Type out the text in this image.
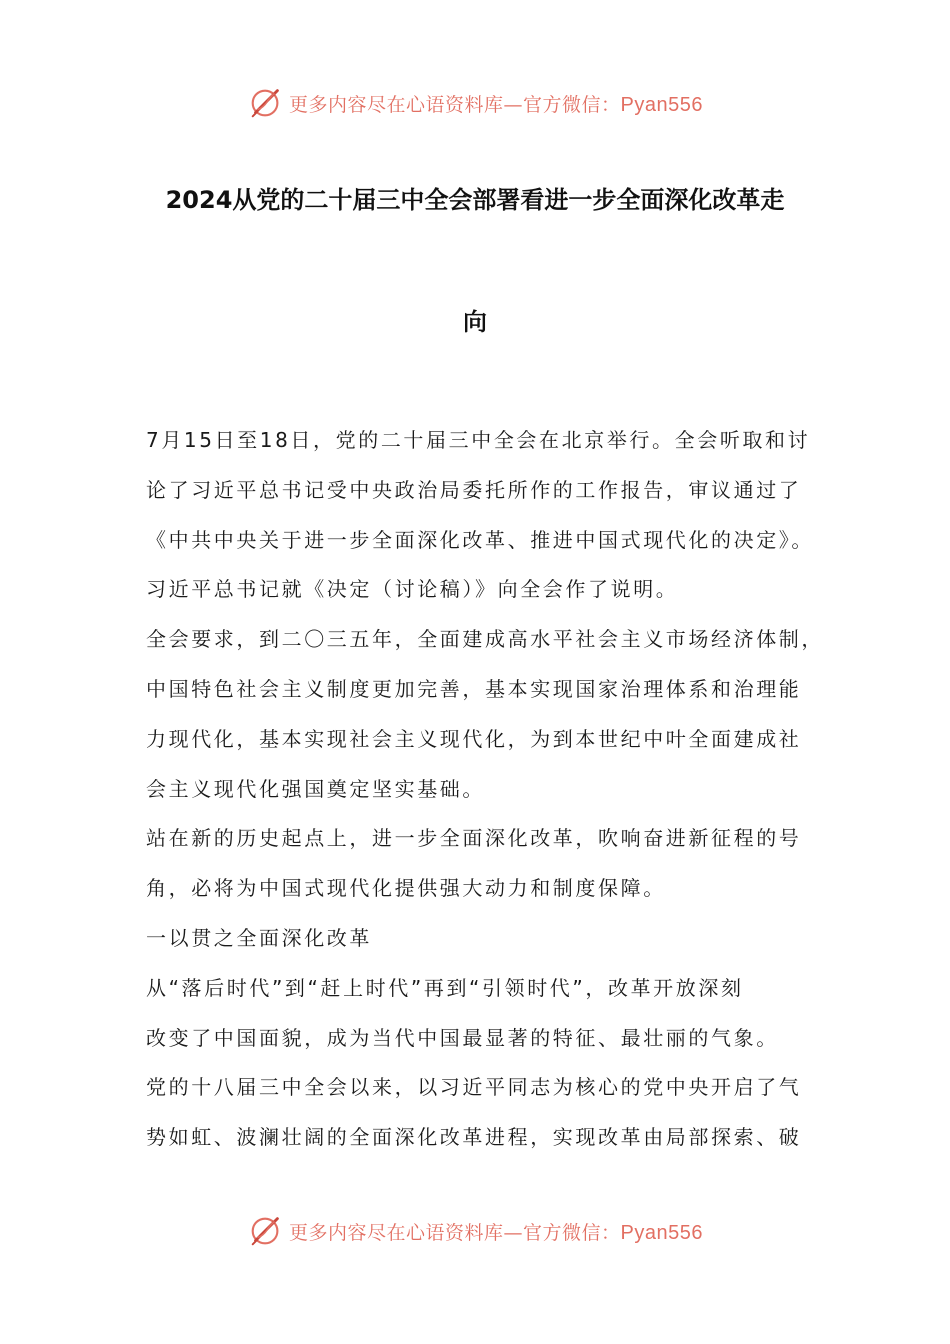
更多内容尽在心语资料库—官方微信：Pyan556
2024从党的二十届三中全会部署看进一步全面深化改革走
向

7月15日至18日，党的二十届三中全会在北京举行。全会听取和讨

论了习近平总书记受中央政治局委托所作的工作报告，审议通过了

《中共中央关于进一步全面深化改革、推进中国式现代化的决定》。

习近平总书记就《决定（讨论稿）》向全会作了说明。

全会要求，到二〇三五年，全面建成高水平社会主义市场经济体制，

中国特色社会主义制度更加完善，基本实现国家治理体系和治理能

力现代化，基本实现社会主义现代化，为到本世纪中叶全面建成社

会主义现代化强国奠定坚实基础。

站在新的历史起点上，进一步全面深化改革，吹响奋进新征程的号

角，必将为中国式现代化提供强大动力和制度保障。

一以贯之全面深化改革

从“落后时代”到“赶上时代”再到“引领时代”，改革开放深刻

改变了中国面貌，成为当代中国最显著的特征、最壮丽的气象。

党的十八届三中全会以来，以习近平同志为核心的党中央开启了气

势如虹、波澜壮阔的全面深化改革进程，实现改革由局部探索、破

更多内容尽在心语资料库—官方微信：Pyan556
